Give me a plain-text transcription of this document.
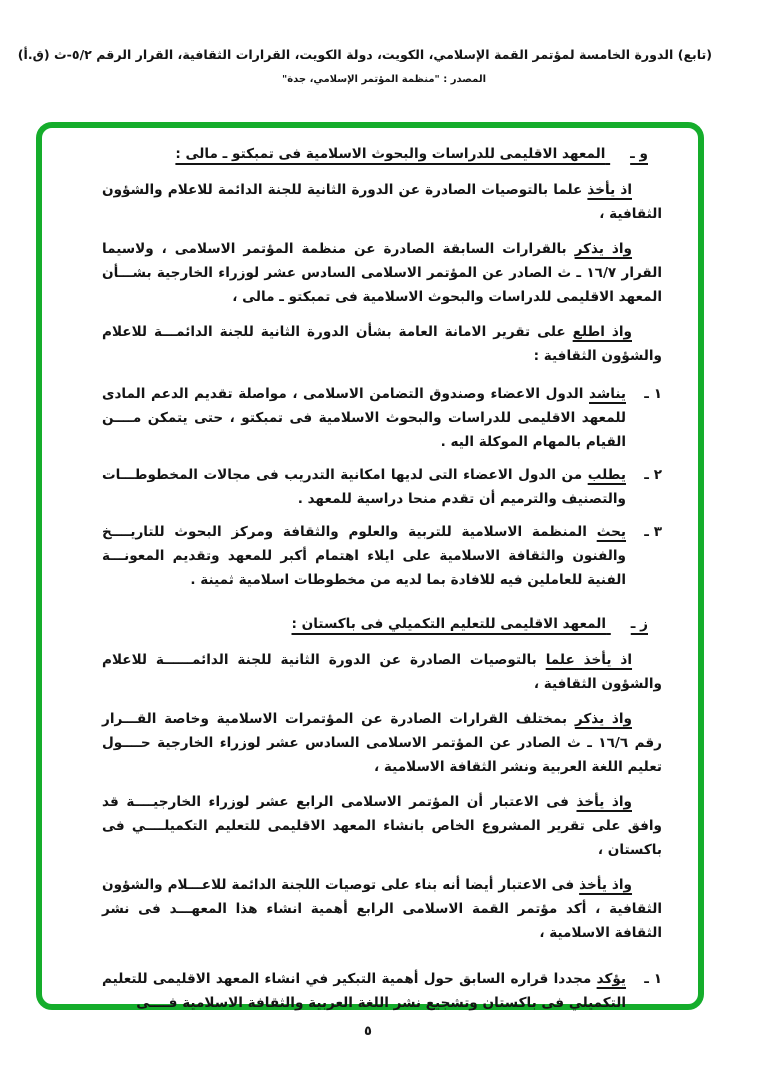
(تابع) الدورة الخامسة لمؤتمر القمة الإسلامي، الكويت، دولة الكويت، القرارات الثقافية، القرار الرقم ٥/٢-ث (ق.أ)
المصدر : "منظمة المؤتمر الإسلامي، جدة"
و ـ المعهد الاقليمى للدراسات والبحوث الاسلامية فى تمبكتو ـ مالى :

اذ يأخذ علما بالتوصيات الصادرة عن الدورة الثانية للجنة الدائمة للاعلام والشؤون الثقافية ،

واذ يذكر بالقرارات السابقة الصادرة عن منظمة المؤتمر الاسلامى ، ولاسيما القرار ١٦/٧ ـ ث الصادر عن المؤتمر الاسلامى السادس عشر لوزراء الخارجية بشـــأن المعهد الاقليمى للدراسات والبحوث الاسلامية فى تمبكتو ـ مالى ،

واذ اطلع على تقرير الامانة العامة بشأن الدورة الثانية للجنة الدائمـــة للاعلام والشؤون الثقافية :

١ ـ
يناشد الدول الاعضاء وصندوق التضامن الاسلامى ، مواصلة تقديم الدعم المادى للمعهد الاقليمى للدراسات والبحوث الاسلامية فى تمبكتو ، حتى يتمكن مــــن القيام بالمهام الموكلة اليه .
٢ ـ
يطلب من الدول الاعضاء التى لديها امكانية التدريب فى مجالات المخطوطـــات والتصنيف والترميم أن تقدم منحا دراسية للمعهد .
٣ ـ
يحث المنظمة الاسلامية للتربية والعلوم والثقافة ومركز البحوث للتاريــــخ والفنون والثقافة الاسلامية على ايلاء اهتمام أكبر للمعهد وتقديم المعونـــة الفنية للعاملين فيه للافادة بما لديه من مخطوطات اسلامية ثمينة .
ز ـ المعهد الاقليمى للتعليم التكميلي فى باكستان :

اذ يأخذ علما بالتوصيات الصادرة عن الدورة الثانية للجنة الدائمــــــة للاعلام والشؤون الثقافية ،

واذ يذكر بمختلف القرارات الصادرة عن المؤتمرات الاسلامية وخاصة القـــرار رقم ١٦/٦ ـ ث الصادر عن المؤتمر الاسلامى السادس عشر لوزراء الخارجية حــــول تعليم اللغة العربية ونشر الثقافة الاسلامية ،

واذ يأخذ فى الاعتبار أن المؤتمر الاسلامى الرابع عشر لوزراء الخارجيــــة قد وافق على تقرير المشروع الخاص بانشاء المعهد الاقليمى للتعليم التكميلــــي فى باكستان ،

واذ يأخذ فى الاعتبار أيضا أنه بناء على توصيات اللجنة الدائمة للاعـــلام والشؤون الثقافية ، أكد مؤتمر القمة الاسلامى الرابع أهمية انشاء هذا المعهـــد فى نشر الثقافة الاسلامية ،

١ ـ
يؤكد مجددا قراره السابق حول أهمية التبكير في انشاء المعهد الاقليمى للتعليم التكميلي فى باكستان وتشجيع نشر اللغة العربية والثقافة الاسلامية فــــى
٥
